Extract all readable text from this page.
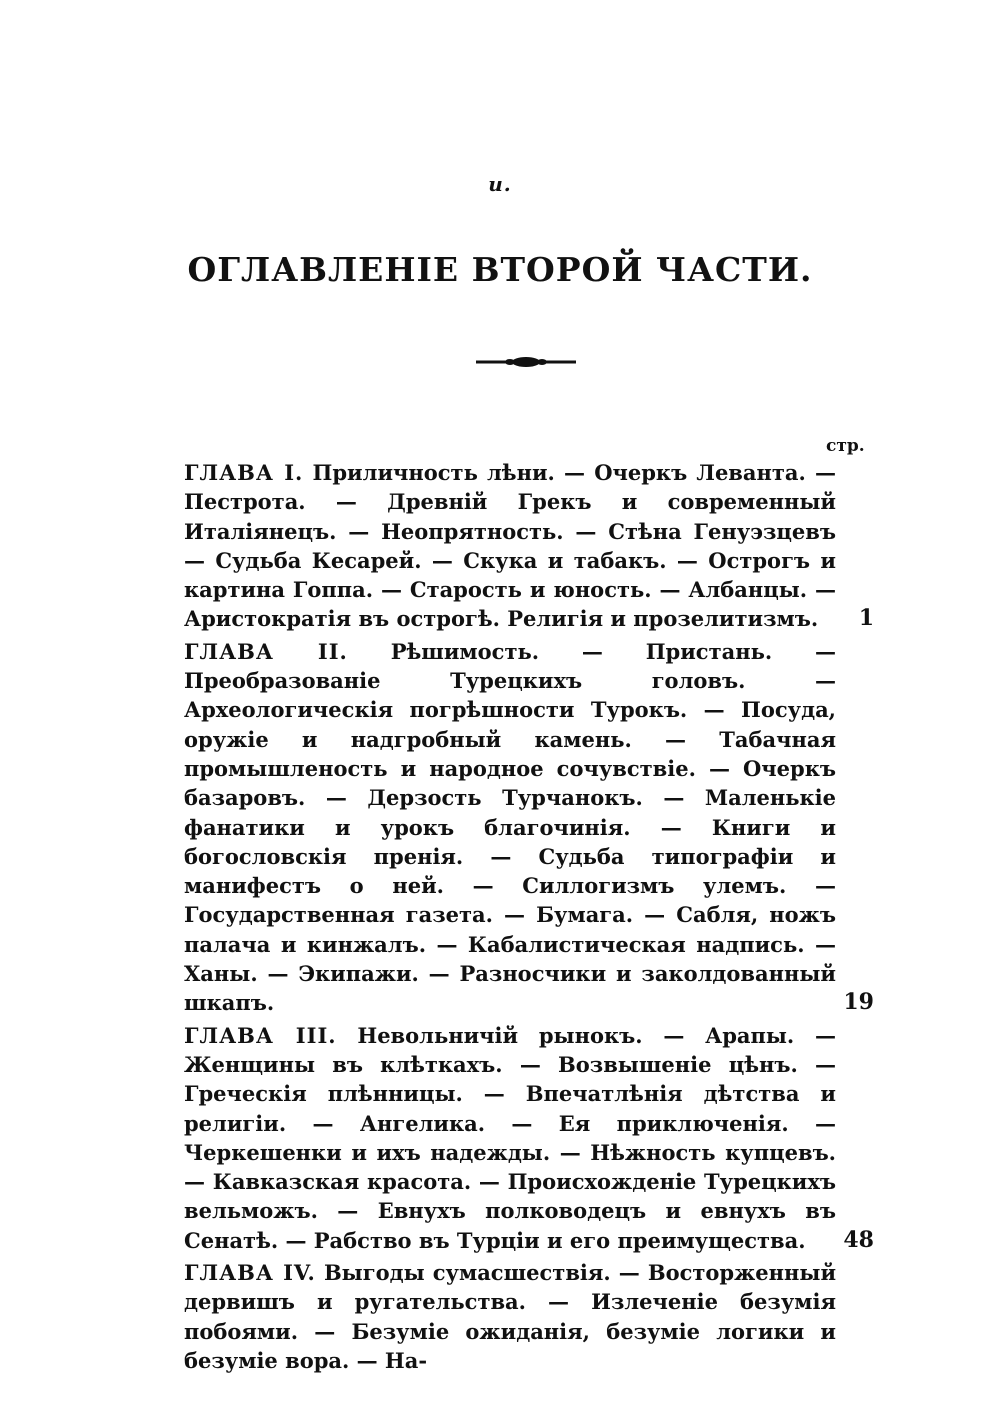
и.
ОГЛАВЛЕНІЕ ВТОРОЙ ЧАСТИ.
стр.
ГЛАВА I. Приличность лѣни. — Очеркъ Леванта. — Пестрота. — Древній Грекъ и современный Италіянецъ. — Неопрятность. — Стѣна Генуэзцевъ — Судьба Кесарей. — Скука и табакъ. — Острогъ и картина Гоппа. — Старость и юность. — Албанцы. — Аристократія въ острогѣ. Религія и прозелитизмъ.	1
ГЛАВА II. Рѣшимость. — Пристань. — Преобразованіе Турецкихъ головъ. — Археологическія погрѣшности Турокъ. — Посуда, оружіе и надгробный камень. — Табачная промышленость и народное сочувствіе. — Очеркъ базаровъ. — Дерзость Турчанокъ. — Маленькіе фанатики и урокъ благочинія. — Книги и богословскія пренія. — Судьба типографіи и манифестъ о ней. — Силлогизмъ улемъ. — Государственная газета. — Бумага. — Сабля, ножъ палача и кинжалъ. — Кабалистическая надпись. — Ханы. — Экипажи. — Разносчики и заколдованный шкапъ.	19
ГЛАВА III. Невольничій рынокъ. — Арапы. — Женщины въ клѣткахъ. — Возвышеніе цѣнъ. — Греческія плѣнницы. — Впечатлѣнія дѣтства и религіи. — Ангелика. — Ея приключенія. — Черкешенки и ихъ надежды. — Нѣжность купцевъ. — Кавказская красота. — Происхожденіе Турецкихъ вельможъ. — Евнухъ полководецъ и евнухъ въ Сенатѣ. — Рабство въ Турціи и его преимущества.	48
ГЛАВА IV. Выгоды сумасшествія. — Восторженный дервишъ и ругательства. — Излеченіе безумія побоями. — Безуміе ожиданія, безуміе логики и безуміе вора. — На-
